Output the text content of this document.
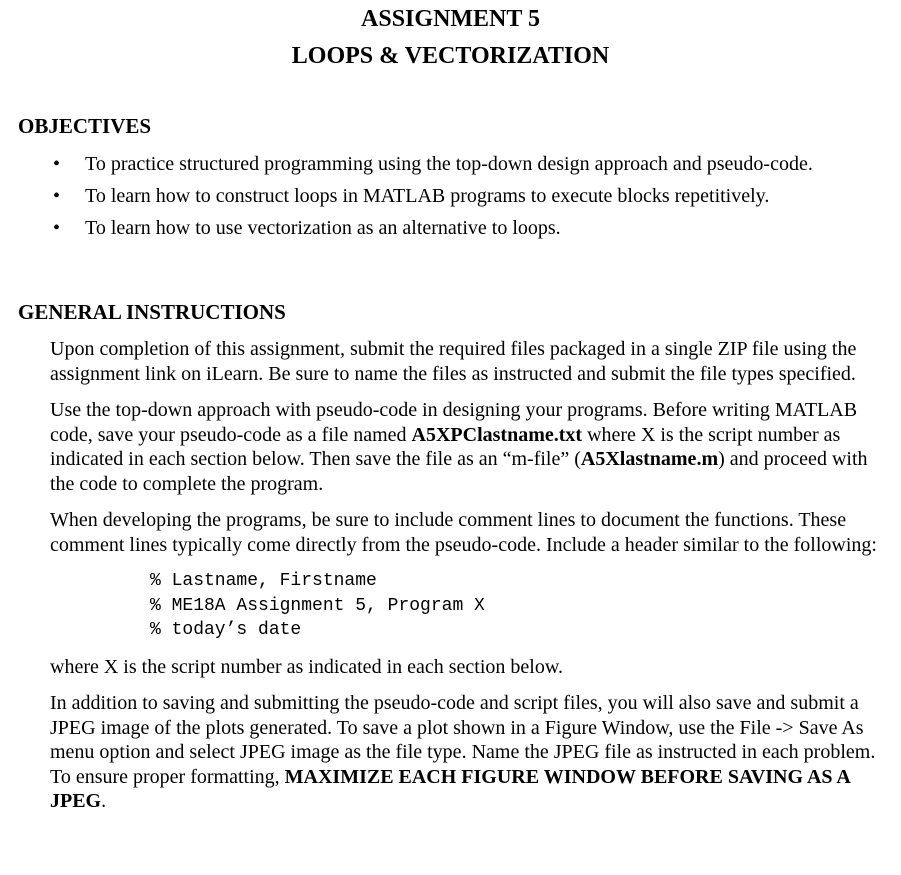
ASSIGNMENT 5
LOOPS & VECTORIZATION
OBJECTIVES
• To practice structured programming using the top-down design approach and pseudo-code.
• To learn how to construct loops in MATLAB programs to execute blocks repetitively.
• To learn how to use vectorization as an alternative to loops.
GENERAL INSTRUCTIONS

Upon completion of this assignment, submit the required files packaged in a single ZIP file using the assignment link on iLearn. Be sure to name the files as instructed and submit the file types specified.

Use the top-down approach with pseudo-code in designing your programs. Before writing MATLAB code, save your pseudo-code as a file named A5XPClastname.txt where X is the script number as indicated in each section below. Then save the file as an “m-file” (A5Xlastname.m) and proceed with the code to complete the program.

When developing the programs, be sure to include comment lines to document the functions. These comment lines typically come directly from the pseudo-code. Include a header similar to the following:

% Lastname, Firstname
% ME18A Assignment 5, Program X
% today’s date

where X is the script number as indicated in each section below.

In addition to saving and submitting the pseudo-code and script files, you will also save and submit a JPEG image of the plots generated. To save a plot shown in a Figure Window, use the File -> Save As menu option and select JPEG image as the file type. Name the JPEG file as instructed in each problem. To ensure proper formatting, MAXIMIZE EACH FIGURE WINDOW BEFORE SAVING AS A JPEG.
